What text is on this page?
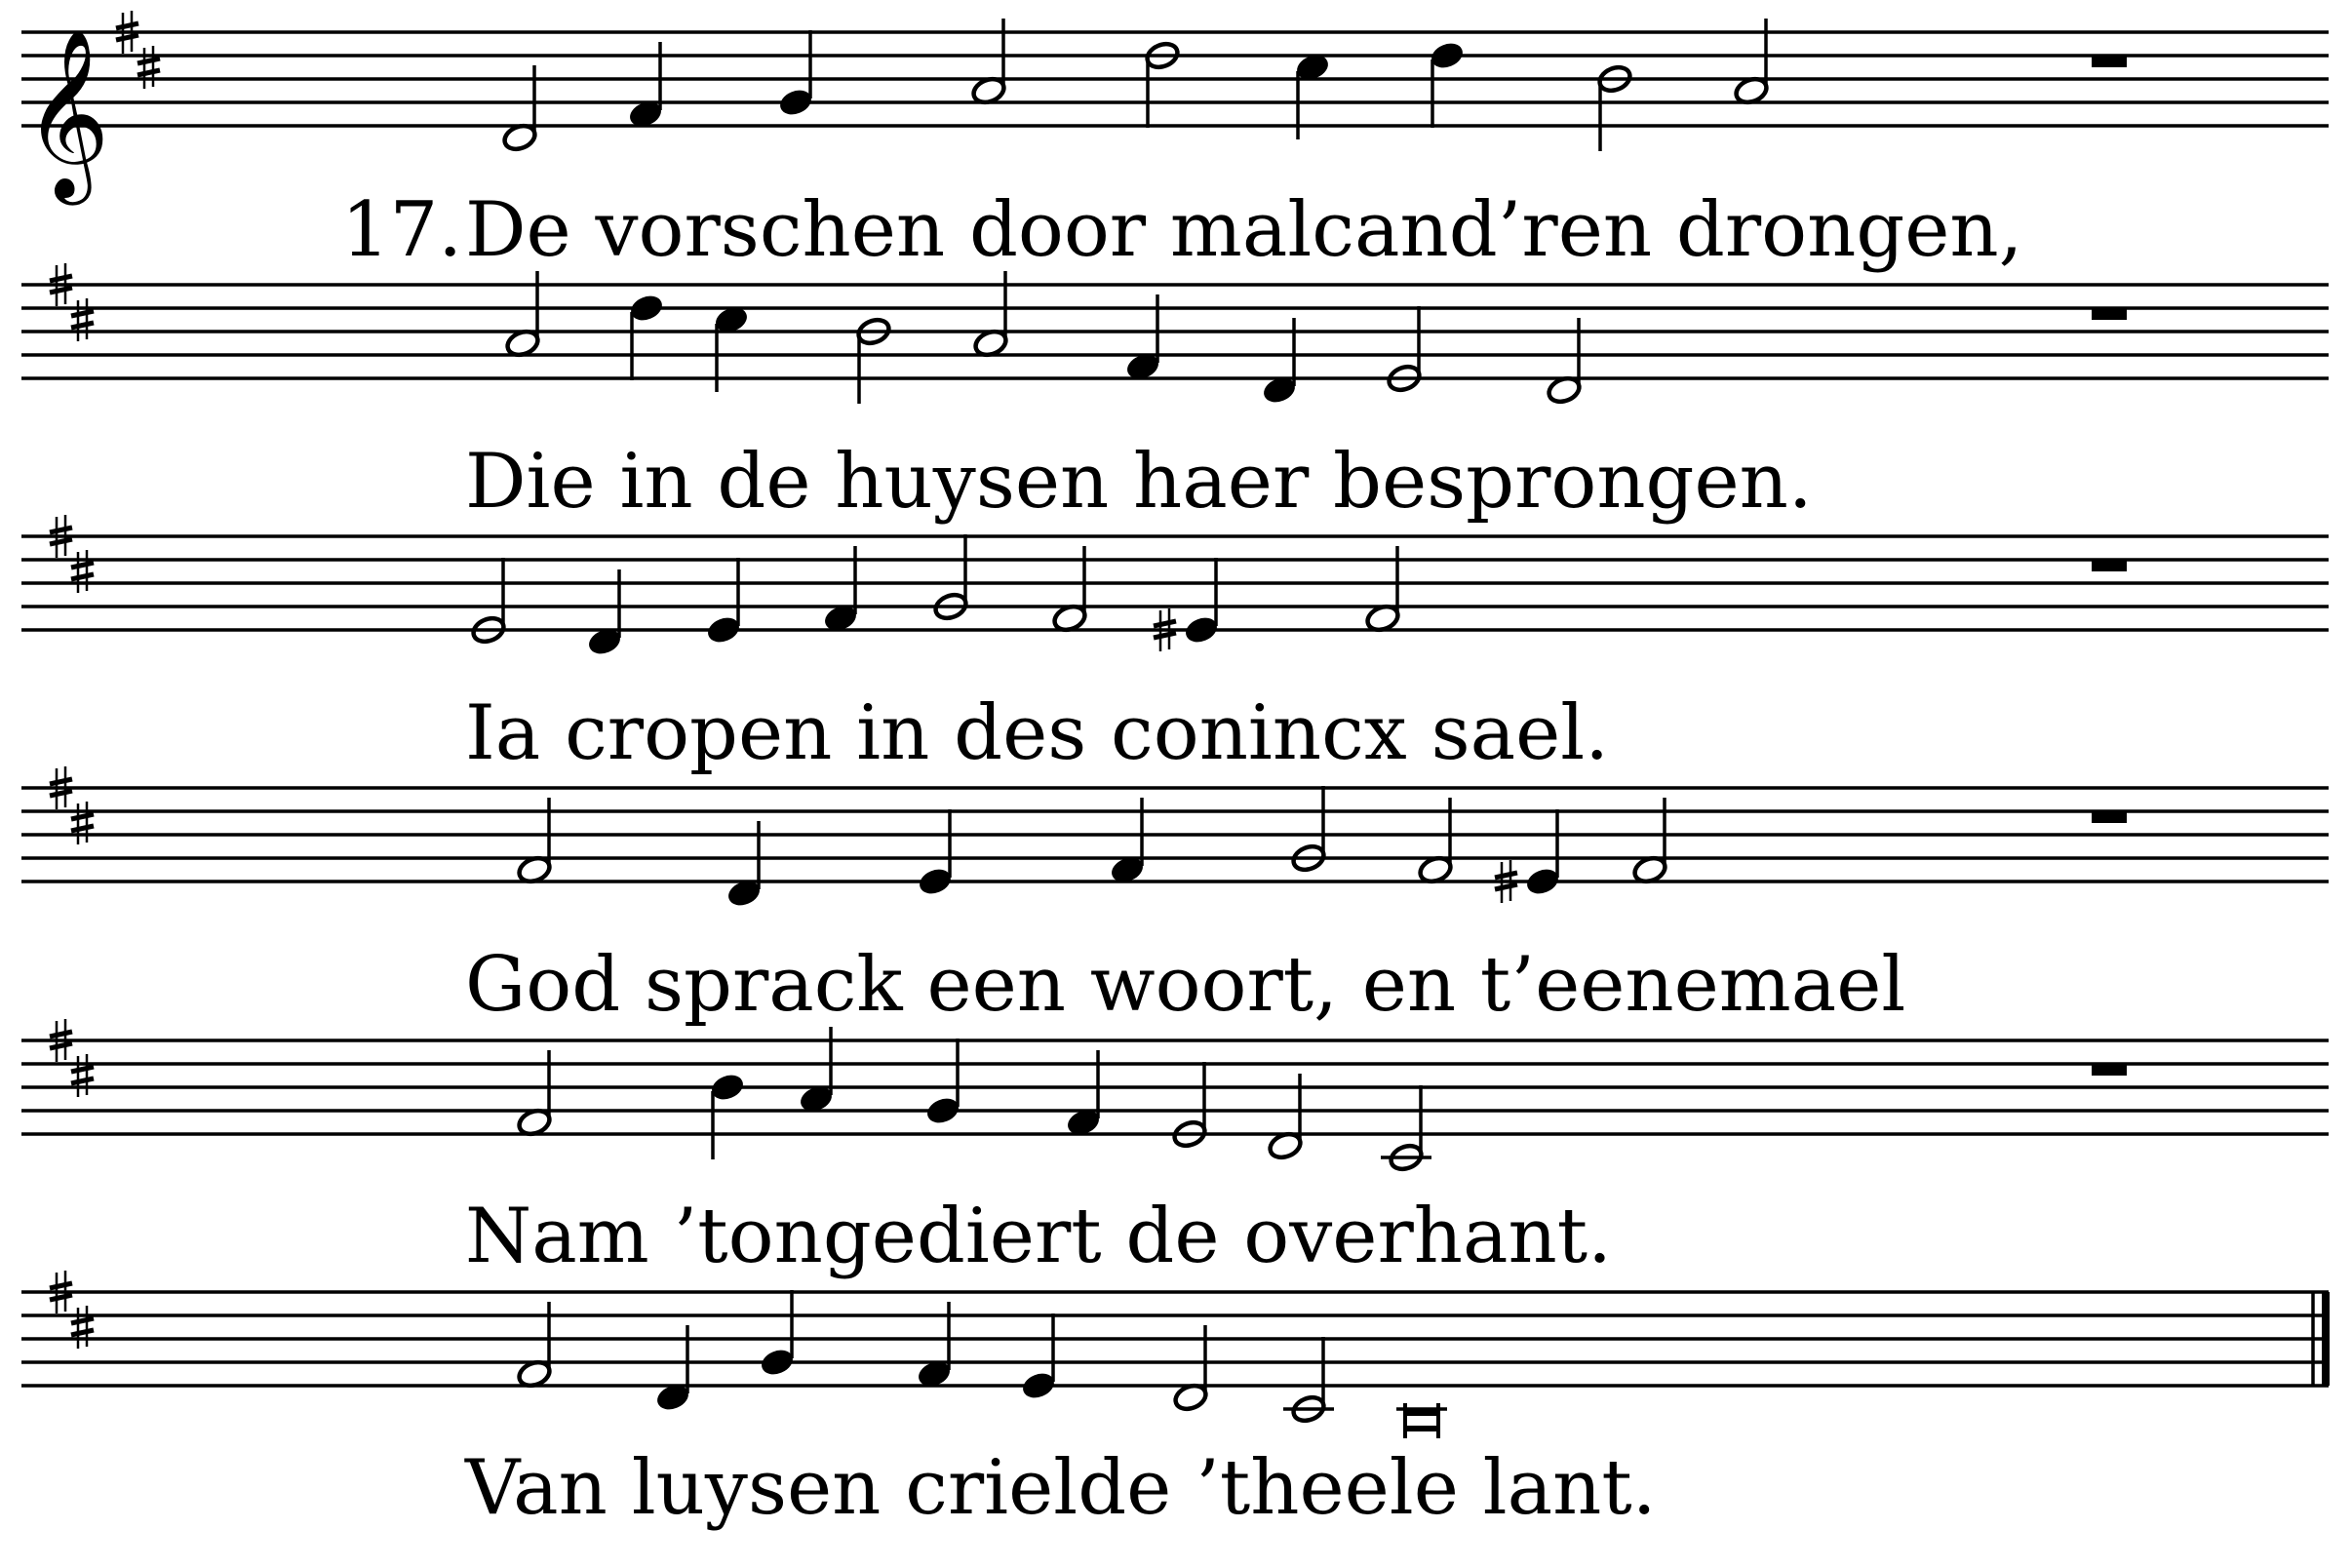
𝄞
17. De vorschen door malcand’ren drongen,
Die in de huysen haer besprongen.
Ia cropen in des conincx sael.
God sprack een woort, en t’eenemael
Nam ’tongediert de overhant.
Van luysen crielde ’theele lant.
